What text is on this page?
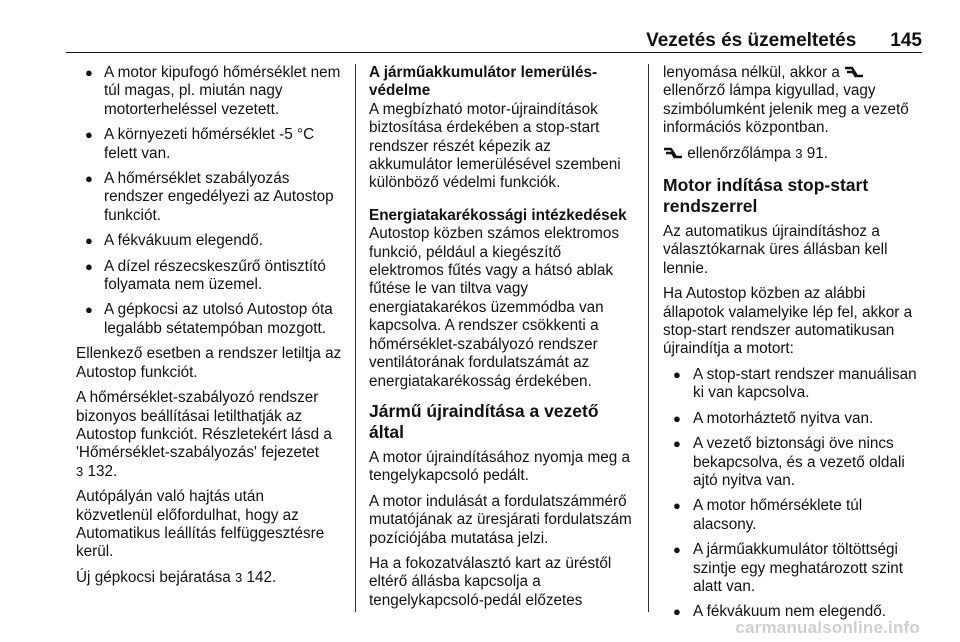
Vezetés és üzemeltetés 145
● A motor kipufogó hőmérséklet nem túl magas, pl. miután nagy motorterheléssel vezetett.
● A környezeti hőmérséklet -5 °C felett van.
● A hőmérséklet szabályozás rendszer engedélyezi az Autostop funkciót.
● A fékvákuum elegendő.
● A dízel részecskeszűrő öntisztító folyamata nem üzemel.
● A gépkocsi az utolsó Autostop óta legalább sétatempóban mozgott.

Ellenkező esetben a rendszer letiltja az Autostop funkciót.

A hőmérséklet-szabályozó rendszer bizonyos beállításai letilthatják az Autostop funkciót. Részletekért lásd a 'Hőmérséklet-szabályozás' fejezetet
3 132.

Autópályán való hajtás után közvetlenül előfordulhat, hogy az Automatikus leállítás felfüggesztésre kerül.

Új gépkocsi bejáratása 3 142.

A járműakkumulátor lemerülés-védelme

A megbízható motor-újraindítások biztosítása érdekében a stop-start rendszer részét képezik az akkumulátor lemerülésével szembeni különböző védelmi funkciók.

Energiatakarékossági intézkedések

Autostop közben számos elektromos funkció, például a kiegészítő elektromos fűtés vagy a hátsó ablak fűtése le van tiltva vagy energiatakarékos üzemmódba van kapcsolva. A rendszer csökkenti a hőmérséklet-szabályozó rendszer ventilátorának fordulatszámát az energiatakarékosság érdekében.

Jármű újraindítása a vezető által

A motor újraindításához nyomja meg a tengelykapcsoló pedált.

A motor indulását a fordulatszámmérő mutatójának az üresjárati fordulatszám pozíciójába mutatása jelzi.

Ha a fokozatválasztó kart az üréstől eltérő állásba kapcsolja a tengelykapcsoló-pedál előzetes

lenyomása nélkül, akkor a  ellenőrző lámpa kigyullad, vagy szimbólumként jelenik meg a vezető információs központban.

ellenőrzőlámpa 3 91.

Motor indítása stop-start rendszerrel

Az automatikus újraindításhoz a választókarnak üres állásban kell lennie.

Ha Autostop közben az alábbi állapotok valamelyike lép fel, akkor a stop-start rendszer automatikusan újraindítja a motort:

● A stop-start rendszer manuálisan ki van kapcsolva.
● A motorháztető nyitva van.
● A vezető biztonsági öve nincs bekapcsolva, és a vezető oldali ajtó nyitva van.
● A motor hőmérséklete túl alacsony.
● A járműakkumulátor töltöttségi szintje egy meghatározott szint alatt van.
● A fékvákuum nem elegendő.
carmanualsonline.info
